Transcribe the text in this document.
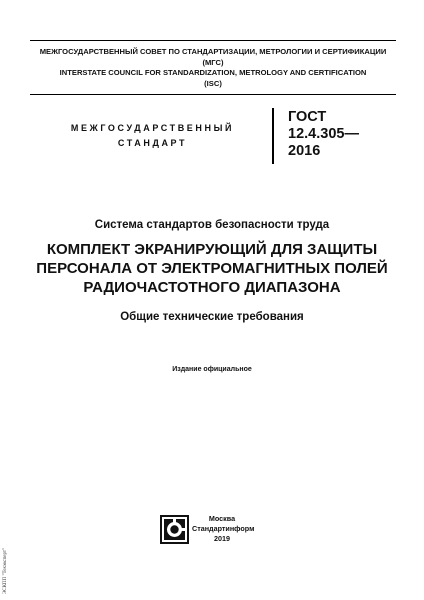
МЕЖГОСУДАРСТВЕННЫЙ СОВЕТ ПО СТАНДАРТИЗАЦИИ, МЕТРОЛОГИИ И СЕРТИФИКАЦИИ
(МГС)
INTERSTATE COUNCIL FOR STANDARDIZATION, METROLOGY AND CERTIFICATION
(ISC)
МЕЖГОСУДАРСТВЕННЫЙ
СТАНДАРТ
ГОСТ
12.4.305—
2016
Система стандартов безопасности труда
КОМПЛЕКТ ЭКРАНИРУЮЩИЙ ДЛЯ ЗАЩИТЫ
ПЕРСОНАЛА ОТ ЭЛЕКТРОМАГНИТНЫХ ПОЛЕЙ
РАДИОЧАСТОТНОГО ДИАПАЗОНА
Общие технические требования
Издание официальное
Москва
Стандартинформ
2019
ЭСКПП "Техэксперт"
